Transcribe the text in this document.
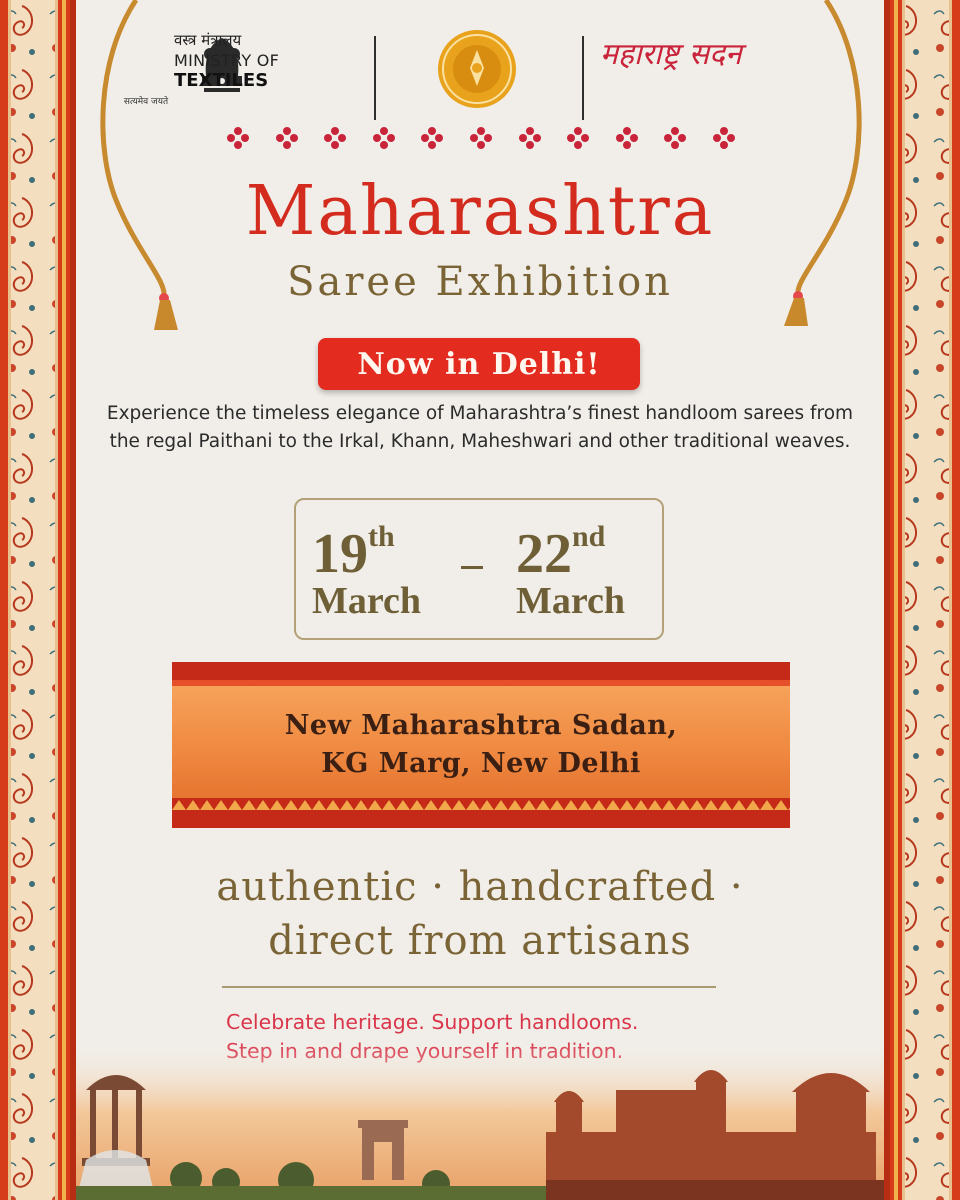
सत्यमेव जयते
वस्त्र मंत्रालय
MINISTRY OF
TEXTILES
महाराष्ट्र सदन
Maharashtra
Saree Exhibition
Now in Delhi!
Experience the timeless elegance of Maharashtra’s finest handloom sarees from the regal Paithani to the Irkal, Khann, Maheshwari and other traditional weaves.
19th
March
22nd
March
New Maharashtra Sadan,
KG Marg, New Delhi
authentic · handcrafted ·
direct from artisans
Celebrate heritage. Support handlooms.
